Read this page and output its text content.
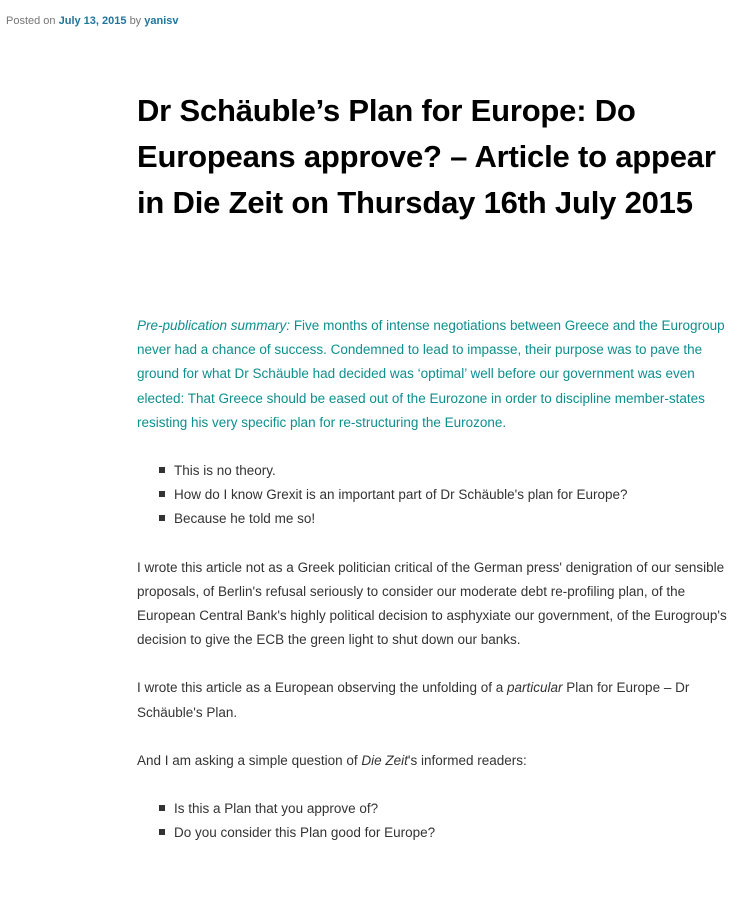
Posted on July 13, 2015 by yanisv
Dr Schäuble’s Plan for Europe: Do Europeans approve? – Article to appear in Die Zeit on Thursday 16th July 2015

Pre-publication summary: Five months of intense negotiations between Greece and the Eurogroup never had a chance of success. Condemned to lead to impasse, their purpose was to pave the ground for what Dr Schäuble had decided was ‘optimal’ well before our government was even elected: That Greece should be eased out of the Eurozone in order to discipline member-states resisting his very specific plan for re-structuring the Eurozone.

This is no theory.
How do I know Grexit is an important part of Dr Schäuble's plan for Europe?
Because he told me so!

I wrote this article not as a Greek politician critical of the German press' denigration of our sensible proposals, of Berlin's refusal seriously to consider our moderate debt re-profiling plan, of the European Central Bank's highly political decision to asphyxiate our government, of the Eurogroup's decision to give the ECB the green light to shut down our banks.

I wrote this article as a European observing the unfolding of a particular Plan for Europe – Dr Schäuble's Plan.

And I am asking a simple question of Die Zeit's informed readers:

Is this a Plan that you approve of?
Do you consider this Plan good for Europe?
